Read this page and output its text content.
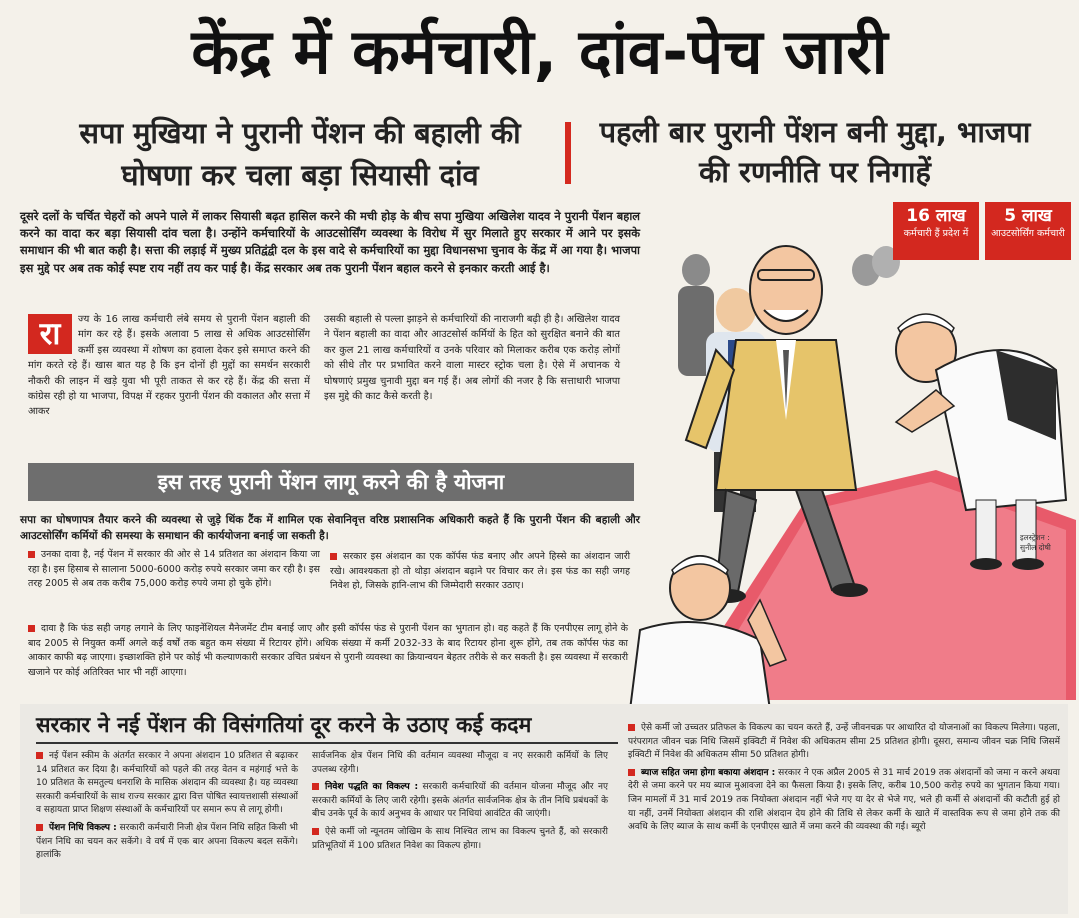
केंद्र में कर्मचारी, दांव-पेच जारी
सपा मुखिया ने पुरानी पेंशन की बहाली की घोषणा कर चला बड़ा सियासी दांव
पहली बार पुरानी पेंशन बनी मुद्दा, भाजपा की रणनीति पर निगाहें
दूसरे दलों के चर्चित चेहरों को अपने पाले में लाकर सियासी बढ़त हासिल करने की मची होड़ के बीच सपा मुखिया अखिलेश यादव ने पुरानी पेंशन बहाल करने का वादा कर बड़ा सियासी दांव चला है। उन्होंने कर्मचारियों के आउटसोर्सिंग व्यवस्था के विरोध में सुर मिलाते हुए सरकार में आने पर इसके समाधान की भी बात कही है। सत्ता की लड़ाई में मुख्य प्रतिद्वंद्वी दल के इस वादे से कर्मचारियों का मुद्दा विधानसभा चुनाव के केंद्र में आ गया है। भाजपा इस मुद्दे पर अब तक कोई स्पष्ट राय नहीं तय कर पाई है। केंद्र सरकार अब तक पुरानी पेंशन बहाल करने से इनकार करती आई है।
16 लाख
कर्मचारी हैं प्रदेश में
5 लाख
आउटसोर्सिंग कर्मचारी
रा	ज्य के 16 लाख कर्मचारी लंबे समय से पुरानी पेंशन बहाली की मांग कर रहे हैं। इसके अलावा 5 लाख से अधिक आउटसोर्सिंग कर्मी इस व्यवस्था में शोषण का हवाला देकर इसे समाप्त करने की मांग करते रहे हैं। खास बात यह है कि इन दोनों ही मुद्दों का समर्थन सरकारी नौकरी की लाइन में खड़े युवा भी पूरी ताकत से कर रहे हैं। केंद्र की सत्ता में कांग्रेस रही हो या भाजपा, विपक्ष में रहकर पुरानी पेंशन की वकालत और सत्ता में आकर
उसकी बहाली से पल्ला झाड़ने से कर्मचारियों की नाराजगी बढ़ी ही है। अखिलेश यादव ने पेंशन बहाली का वादा और आउटसोर्स कर्मियों के हित को सुरक्षित बनाने की बात कर कुल 21 लाख कर्मचारियों व उनके परिवार को मिलाकर करीब एक करोड़ लोगों को सीधे तौर पर प्रभावित करने वाला मास्टर स्ट्रोक चला है। ऐसे में अचानक ये घोषणाएं प्रमुख चुनावी मुद्दा बन गई हैं। अब लोगों की नजर है कि सत्ताधारी भाजपा इस मुद्दे की काट कैसे करती है।
इस तरह पुरानी पेंशन लागू करने की है योजना
सपा का घोषणापत्र तैयार करने की व्यवस्था से जुड़े थिंक टैंक में शामिल एक सेवानिवृत्त वरिष्ठ प्रशासनिक अधिकारी कहते हैं कि पुरानी पेंशन की बहाली और आउटसोर्सिंग कर्मियों की समस्या के समाधान की कार्ययोजना बनाई जा सकती है।

उनका दावा है, नई पेंशन में सरकार की ओर से 14 प्रतिशत का अंशदान किया जा रहा है। इस हिसाब से सालाना 5000-6000 करोड़ रुपये सरकार जमा कर रही है। इस तरह 2005 से अब तक करीब 75,000 करोड़ रुपये जमा हो चुके होंगे।

सरकार इस अंशदान का एक कॉर्पस फंड बनाए और अपने हिस्से का अंशदान जारी रखे। आवश्यकता हो तो थोड़ा अंशदान बढ़ाने पर विचार कर ले। इस फंड का सही जगह निवेश हो, जिसके हानि-लाभ की जिम्मेदारी सरकार उठाए।

दावा है कि फंड सही जगह लगाने के लिए फाइनेंशियल मैनेजमेंट टीम बनाई जाए और इसी कॉर्पस फंड से पुरानी पेंशन का भुगतान हो। वह कहते हैं कि एनपीएस लागू होने के बाद 2005 से नियुक्त कर्मी अगले कई वर्षों तक बहुत कम संख्या में रिटायर होंगे। अधिक संख्या में कर्मी 2032-33 के बाद रिटायर होना शुरू होंगे, तब तक कॉर्पस फंड का आकार काफी बढ़ जाएगा। इच्छाशक्ति होने पर कोई भी कल्याणकारी सरकार उचित प्रबंधन से पुरानी व्यवस्था का क्रियान्वयन बेहतर तरीके से कर सकती है। इस व्यवस्था में सरकारी खजाने पर कोई अतिरिक्त भार भी नहीं आएगा।

इलस्ट्रेशन : सुनील दोषी
सरकार ने नई पेंशन की विसंगतियां दूर करने के उठाए कई कदम

नई पेंशन स्कीम के अंतर्गत सरकार ने अपना अंशदान 10 प्रतिशत से बढ़ाकर 14 प्रतिशत कर दिया है। कर्मचारियों को पहले की तरह वेतन व महंगाई भत्ते के 10 प्रतिशत के समतुल्य धनराशि के मासिक अंशदान की व्यवस्था है। यह व्यवस्था सरकारी कर्मचारियों के साथ राज्य सरकार द्वारा वित्त पोषित स्वायत्तशासी संस्थाओं व सहायता प्राप्त शिक्षण संस्थाओं के कर्मचारियों पर समान रूप से लागू होगी।

पेंशन निधि विकल्प : सरकारी कर्मचारी निजी क्षेत्र पेंशन निधि सहित किसी भी पेंशन निधि का चयन कर सकेंगे। वे वर्ष में एक बार अपना विकल्प बदल सकेंगे। हालांकि

सार्वजनिक क्षेत्र पेंशन निधि की वर्तमान व्यवस्था मौजूदा व नए सरकारी कर्मियों के लिए उपलब्ध रहेगी।

निवेश पद्धति का विकल्प : सरकारी कर्मचारियों की वर्तमान योजना मौजूद और नए सरकारी कर्मियों के लिए जारी रहेगी। इसके अंतर्गत सार्वजनिक क्षेत्र के तीन निधि प्रबंधकों के बीच उनके पूर्व के कार्य अनुभव के आधार पर निधियां आवंटित की जाएंगी।

ऐसे कर्मी जो न्यूनतम जोखिम के साथ निश्चित लाभ का विकल्प चुनते हैं, को सरकारी प्रतिभूतियों में 100 प्रतिशत निवेश का विकल्प होगा।

ऐसे कर्मी जो उच्चतर प्रतिफल के विकल्प का चयन करते हैं, उन्हें जीवनचक्र पर आधारित दो योजनाओं का विकल्प मिलेगा। पहला, परंपरागत जीवन चक्र निधि जिसमें इक्विटी में निवेश की अधिकतम सीमा 25 प्रतिशत होगी। दूसरा, समान्य जीवन चक्र निधि जिसमें इक्विटी में निवेश की अधिकतम सीमा 50 प्रतिशत होगी।

ब्याज सहित जमा होगा बकाया अंशदान : सरकार ने एक अप्रैल 2005 से 31 मार्च 2019 तक अंशदानों को जमा न करने अथवा देरी से जमा करने पर मय ब्याज मुआवजा देने का फैसला किया है। इसके लिए, करीब 10,500 करोड़ रुपये का भुगतान किया गया। जिन मामलों में 31 मार्च 2019 तक नियोक्ता अंशदान नहीं भेजे गए या देर से भेजे गए, भले ही कर्मी से अंशदानों की कटौती हुई हो या नहीं, उनमें नियोक्ता अंशदान की राशि अंशदान देय होने की तिथि से लेकर कर्मी के खाते में वास्तविक रूप से जमा होने तक की अवधि के लिए ब्याज के साथ कर्मी के एनपीएस खाते में जमा करने की व्यवस्था की गई। ब्यूरो
